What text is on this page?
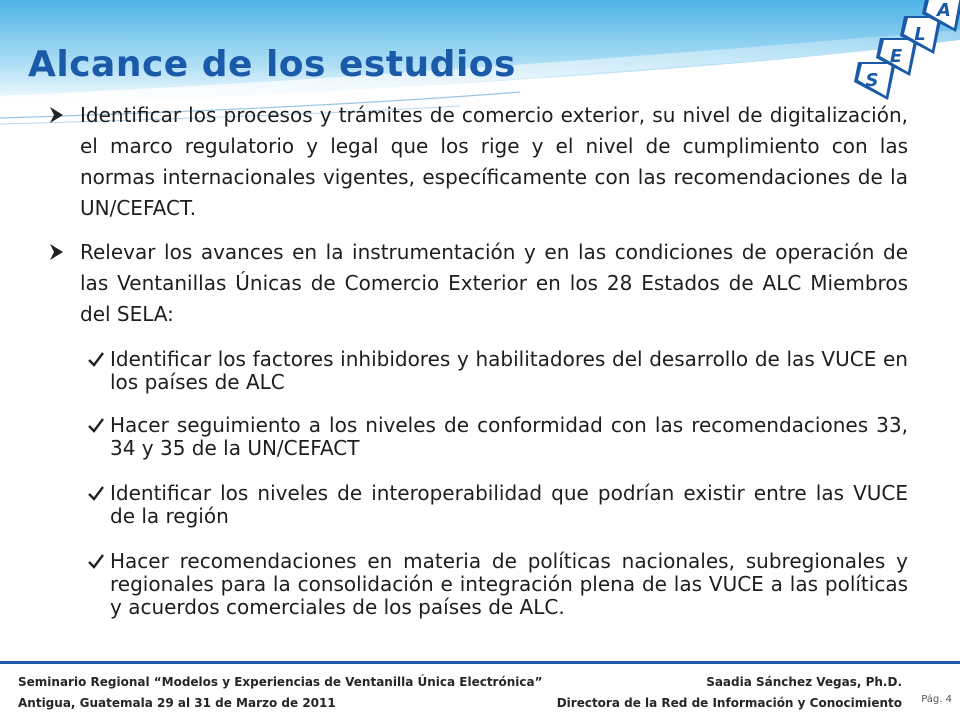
Alcance de los estudios	S
E
L
A
Identificar los procesos y trámites de comercio exterior, su nivel de digitalización, el marco regulatorio y legal que los rige y el nivel de cumplimiento con las normas internacionales vigentes, específicamente con las recomendaciones de la UN/CEFACT.
Relevar los avances en la instrumentación y en las condiciones de operación de las Ventanillas Únicas de Comercio Exterior en los 28 Estados de ALC Miembros del SELA:
Identificar los factores inhibidores y habilitadores del desarrollo de las VUCE en los países de ALC
Hacer seguimiento a los niveles de conformidad con las recomendaciones 33, 34 y 35 de la UN/CEFACT
Identificar los niveles de interoperabilidad que podrían existir entre las VUCE de la región
Hacer recomendaciones en materia de políticas nacionales, subregionales y regionales para la consolidación e integración plena de las VUCE a las políticas y acuerdos comerciales de los países de ALC.
Seminario Regional “Modelos y Experiencias de Ventanilla Única Electrónica”
Antigua, Guatemala 29 al 31 de Marzo de 2011
Saadia Sánchez Vegas, Ph.D.
Directora de la Red de Información y Conocimiento Pág. 4
